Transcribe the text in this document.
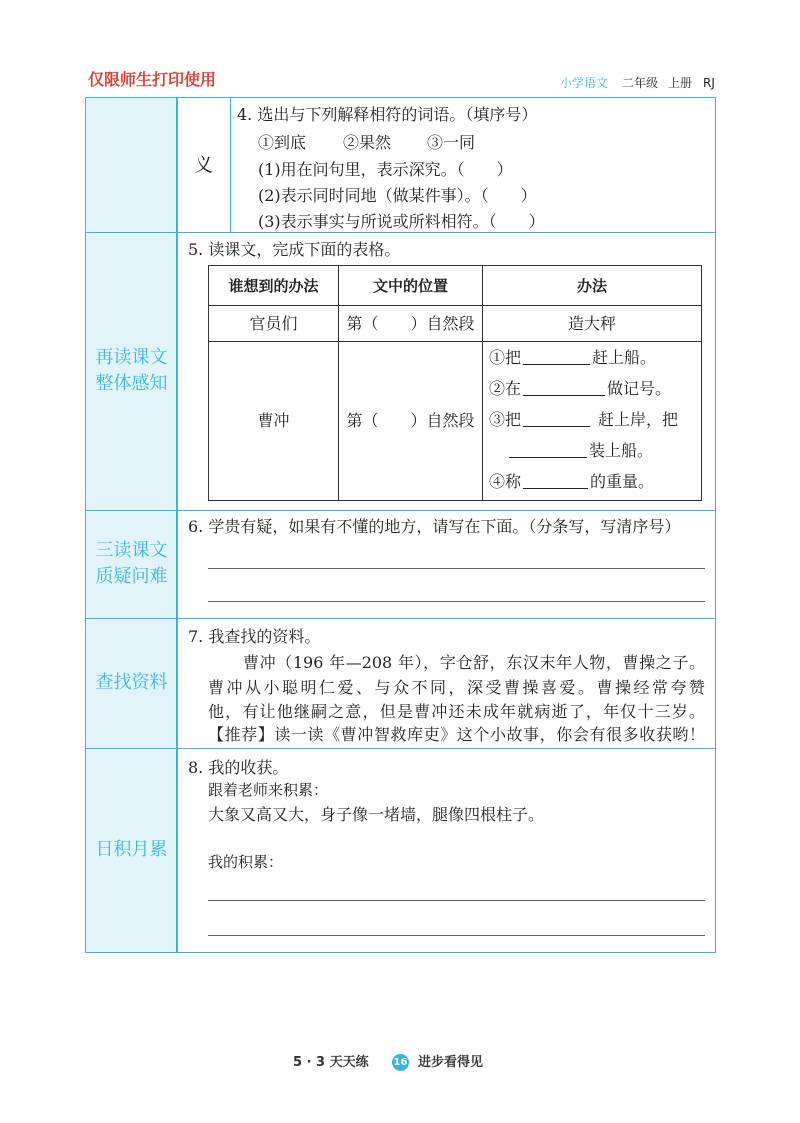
仅限师生打印使用	小学语文 二年级 上册 RJ
义
4. 选出与下列解释相符的词语。（填序号）
①到底 ②果然 ③一同
(1)用在问句里，表示深究。（　　）
(2)表示同时同地（做某件事）。（　　）
(3)表示事实与所说或所料相符。（　　）
再读课文
整体感知
5. 读课文，完成下面的表格。
谁想到的办法	文中的位置	办法
官员们	第（　　）自然段	造大秤
曹冲	第（　　）自然段	①把 赶上船。
②在 做记号。
③把 赶上岸，把
装上船。
④称 的重量。
三读课文
质疑问难
6. 学贵有疑，如果有不懂的地方，请写在下面。（分条写，写清序号）
查找资料
7. 我查找的资料。
曹冲（196 年—208 年），字仓舒，东汉末年人物，曹操之子。
曹冲从小聪明仁爱、与众不同，深受曹操喜爱。曹操经常夸赞
他，有让他继嗣之意，但是曹冲还未成年就病逝了，年仅十三岁。
【推荐】读一读《曹冲智救库吏》这个小故事，你会有很多收获哟！
日积月累
8. 我的收获。
跟着老师来积累：
大象又高又大，身子像一堵墙，腿像四根柱子。
我的积累：
5 · 3 天天练 16 进步看得见
